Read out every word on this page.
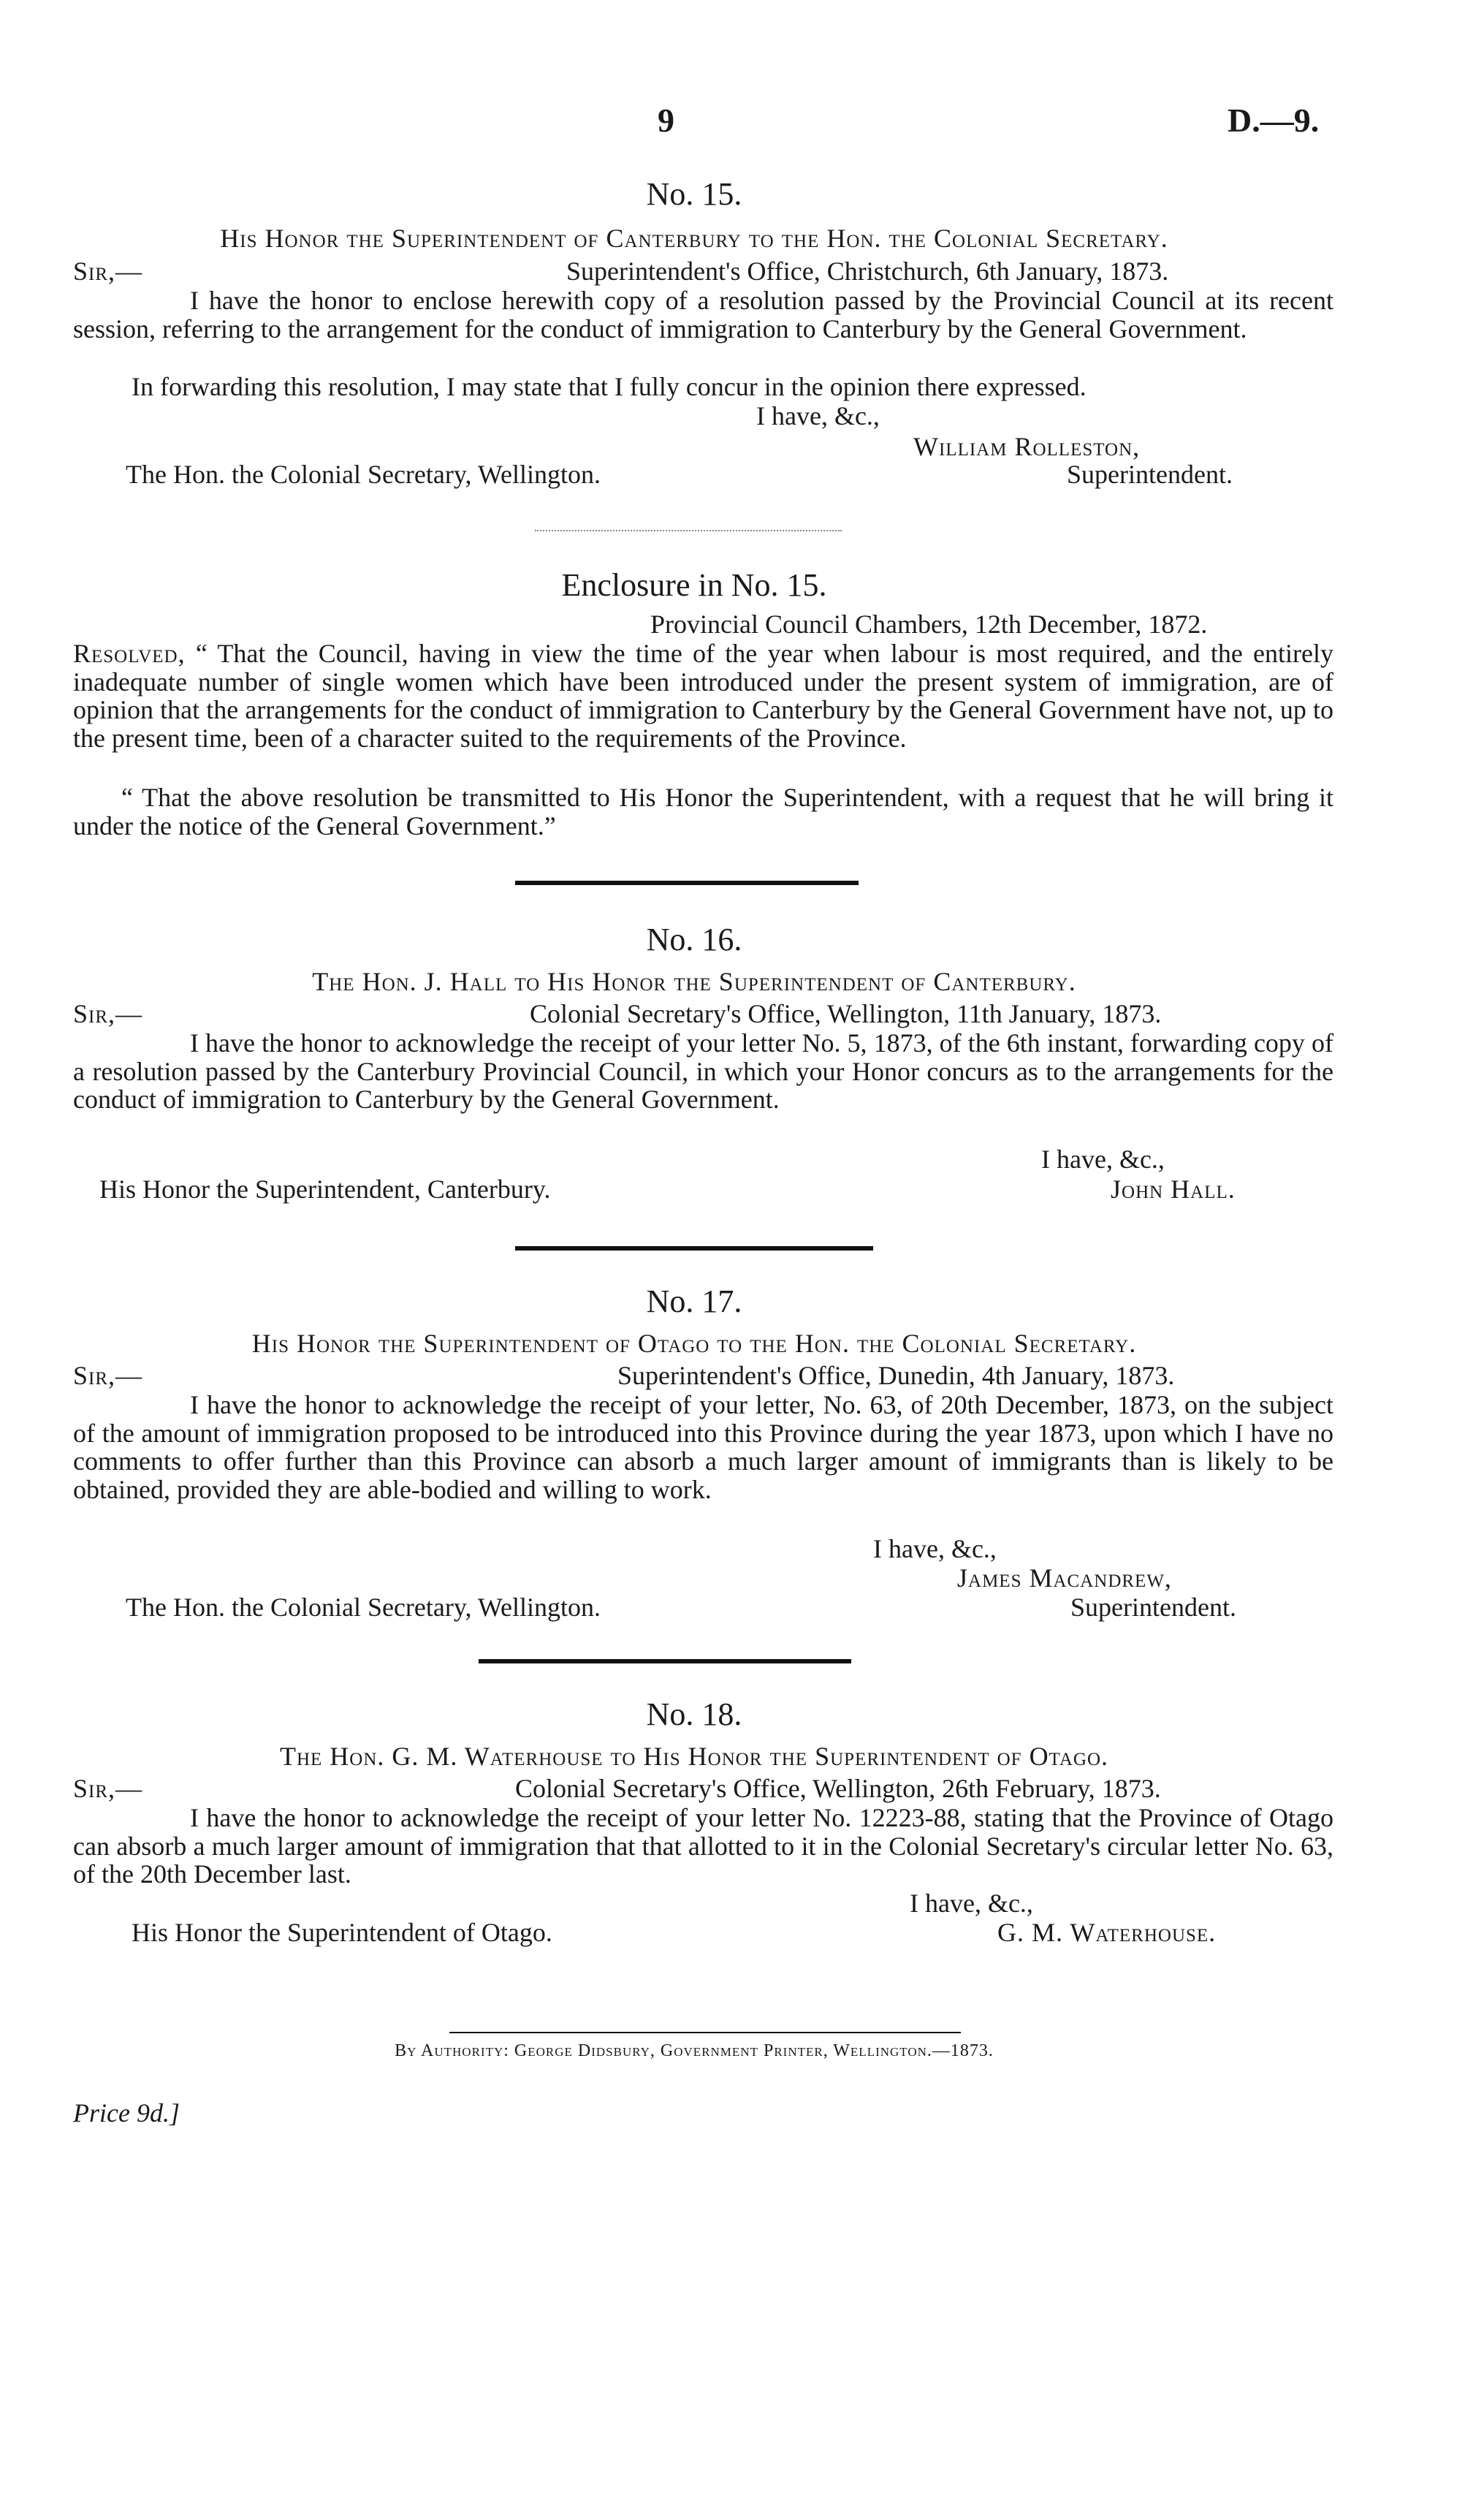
9	D.—9.
No. 15.
His Honor the Superintendent of Canterbury to the Hon. the Colonial Secretary.
Sir,—	Superintendent's Office, Christchurch, 6th January, 1873.
I have the honor to enclose herewith copy of a resolution passed by the Provincial Council at its recent session, referring to the arrangement for the conduct of immigration to Canterbury by the General Government.
In forwarding this resolution, I may state that I fully concur in the opinion there expressed.
I have, &c.,
William Rolleston,
The Hon. the Colonial Secretary, Wellington.	Superintendent.
Enclosure in No. 15.
Provincial Council Chambers, 12th December, 1872.
Resolved, “ That the Council, having in view the time of the year when labour is most required, and the entirely inadequate number of single women which have been introduced under the present system of immigration, are of opinion that the arrangements for the conduct of immigration to Canterbury by the General Government have not, up to the present time, been of a character suited to the requirements of the Province.
“ That the above resolution be transmitted to His Honor the Superintendent, with a request that he will bring it under the notice of the General Government.”
No. 16.
The Hon. J. Hall to His Honor the Superintendent of Canterbury.
Sir,—	Colonial Secretary's Office, Wellington, 11th January, 1873.
I have the honor to acknowledge the receipt of your letter No. 5, 1873, of the 6th instant, forwarding copy of a resolution passed by the Canterbury Provincial Council, in which your Honor concurs as to the arrangements for the conduct of immigration to Canterbury by the General Government.
I have, &c.,
His Honor the Superintendent, Canterbury.	John Hall.
No. 17.
His Honor the Superintendent of Otago to the Hon. the Colonial Secretary.
Sir,—	Superintendent's Office, Dunedin, 4th January, 1873.
I have the honor to acknowledge the receipt of your letter, No. 63, of 20th December, 1873, on the subject of the amount of immigration proposed to be introduced into this Province during the year 1873, upon which I have no comments to offer further than this Province can absorb a much larger amount of immigrants than is likely to be obtained, provided they are able-bodied and willing to work.
I have, &c.,
James Macandrew,
The Hon. the Colonial Secretary, Wellington.	Superintendent.
No. 18.
The Hon. G. M. Waterhouse to His Honor the Superintendent of Otago.
Sir,—	Colonial Secretary's Office, Wellington, 26th February, 1873.
I have the honor to acknowledge the receipt of your letter No. 12223-88, stating that the Province of Otago can absorb a much larger amount of immigration that that allotted to it in the Colonial Secretary's circular letter No. 63, of the 20th December last.
I have, &c.,
His Honor the Superintendent of Otago.	G. M. Waterhouse.
By Authority: George Didsbury, Government Printer, Wellington.—1873.
Price 9d.]
